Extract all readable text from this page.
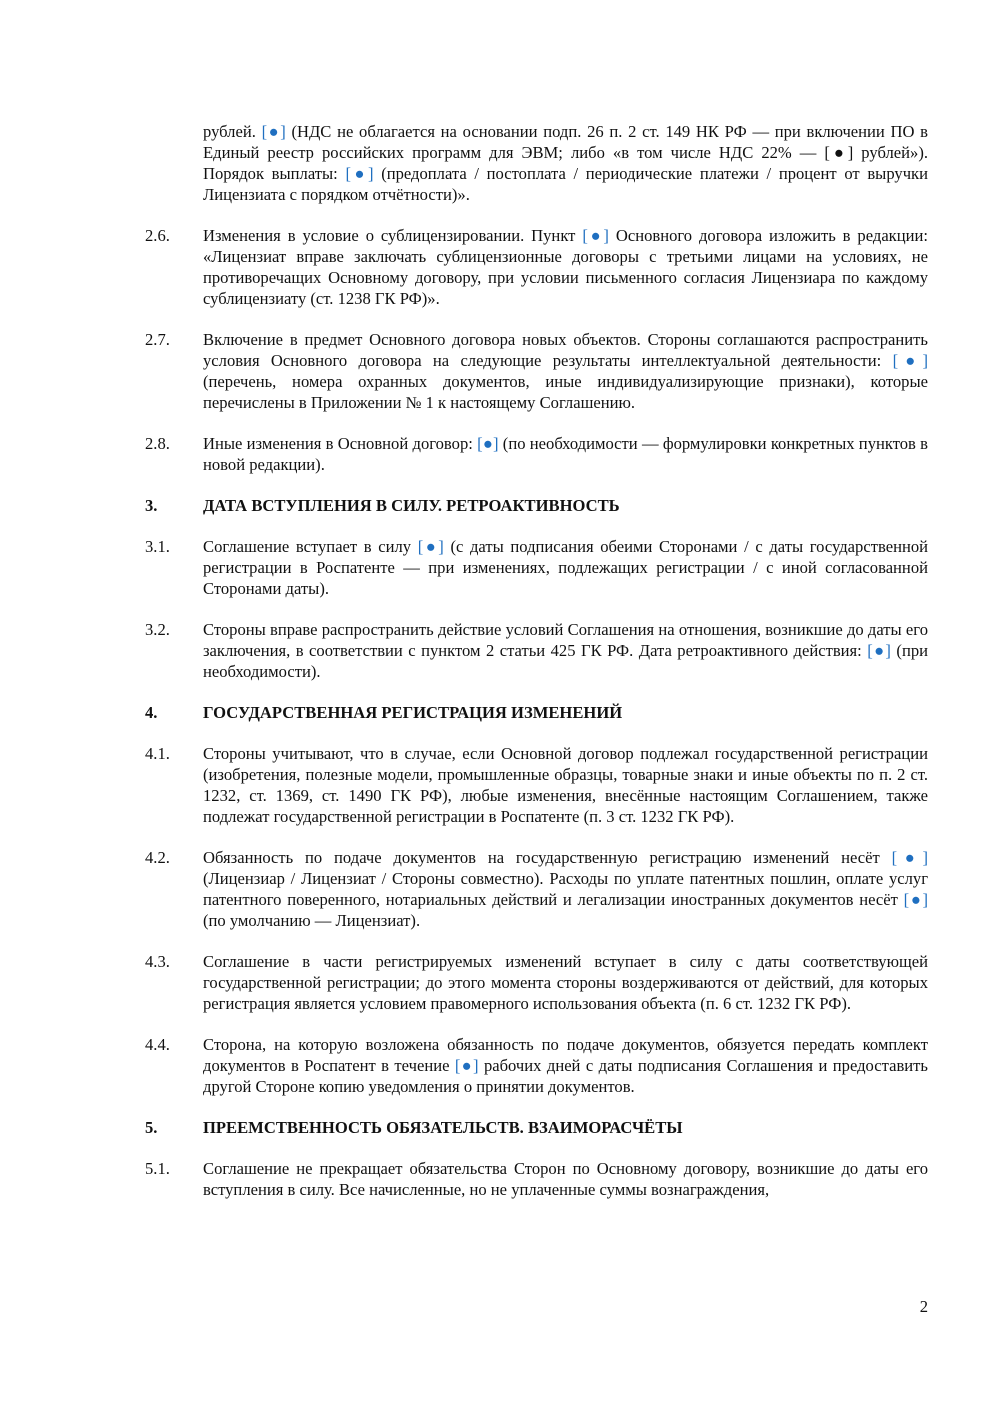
рублей. [●] (НДС не облагается на основании подп. 26 п. 2 ст. 149 НК РФ — при включении ПО в Единый реестр российских программ для ЭВМ; либо «в том числе НДС 22% — [●] рублей»). Порядок выплаты: [●] (предоплата / постоплата / периодические платежи / процент от выручки Лицензиата с порядком отчётности)».
2.6.	Изменения в условие о сублицензировании. Пункт [●] Основного договора изложить в редакции: «Лицензиат вправе заключать сублицензионные договоры с третьими лицами на условиях, не противоречащих Основному договору, при условии письменного согласия Лицензиара по каждому сублицензиату (ст. 1238 ГК РФ)».
2.7.	Включение в предмет Основного договора новых объектов. Стороны соглашаются распространить условия Основного договора на следующие результаты интеллектуальной деятельности: [●] (перечень, номера охранных документов, иные индивидуализирующие признаки), которые перечислены в Приложении № 1 к настоящему Соглашению.
2.8.	Иные изменения в Основной договор: [●] (по необходимости — формулировки конкретных пунктов в новой редакции).
3.	ДАТА ВСТУПЛЕНИЯ В СИЛУ. РЕТРОАКТИВНОСТЬ
3.1.	Соглашение вступает в силу [●] (с даты подписания обеими Сторонами / с даты государственной регистрации в Роспатенте — при изменениях, подлежащих регистрации / с иной согласованной Сторонами даты).
3.2.	Стороны вправе распространить действие условий Соглашения на отношения, возникшие до даты его заключения, в соответствии с пунктом 2 статьи 425 ГК РФ. Дата ретроактивного действия: [●] (при необходимости).
4.	ГОСУДАРСТВЕННАЯ РЕГИСТРАЦИЯ ИЗМЕНЕНИЙ
4.1.	Стороны учитывают, что в случае, если Основной договор подлежал государственной регистрации (изобретения, полезные модели, промышленные образцы, товарные знаки и иные объекты по п. 2 ст. 1232, ст. 1369, ст. 1490 ГК РФ), любые изменения, внесённые настоящим Соглашением, также подлежат государственной регистрации в Роспатенте (п. 3 ст. 1232 ГК РФ).
4.2.	Обязанность по подаче документов на государственную регистрацию изменений несёт [●] (Лицензиар / Лицензиат / Стороны совместно). Расходы по уплате патентных пошлин, оплате услуг патентного поверенного, нотариальных действий и легализации иностранных документов несёт [●] (по умолчанию — Лицензиат).
4.3.	Соглашение в части регистрируемых изменений вступает в силу с даты соответствующей государственной регистрации; до этого момента стороны воздерживаются от действий, для которых регистрация является условием правомерного использования объекта (п. 6 ст. 1232 ГК РФ).
4.4.	Сторона, на которую возложена обязанность по подаче документов, обязуется передать комплект документов в Роспатент в течение [●] рабочих дней с даты подписания Соглашения и предоставить другой Стороне копию уведомления о принятии документов.
5.	ПРЕЕМСТВЕННОСТЬ ОБЯЗАТЕЛЬСТВ. ВЗАИМОРАСЧЁТЫ
5.1.	Соглашение не прекращает обязательства Сторон по Основному договору, возникшие до даты его вступления в силу. Все начисленные, но не уплаченные суммы вознаграждения,
2
